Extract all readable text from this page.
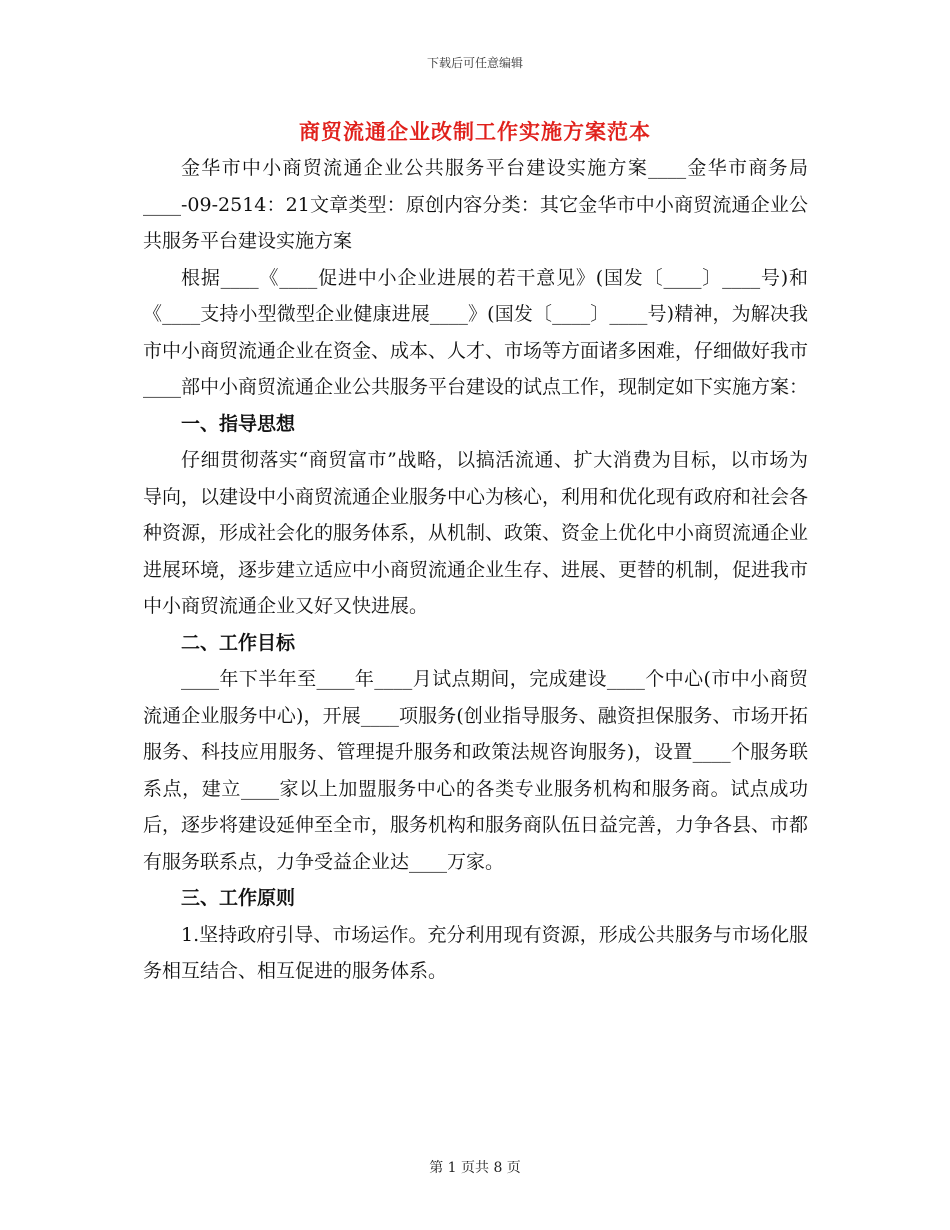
下载后可任意编辑
商贸流通企业改制工作实施方案范本

金华市中小商贸流通企业公共服务平台建设实施方案____金华市商务局____-09-2514：21文章类型：原创内容分类：其它金华市中小商贸流通企业公共服务平台建设实施方案

根据____《____促进中小企业进展的若干意见》(国发〔____〕____号)和《____支持小型微型企业健康进展____》(国发〔____〕____号)精神，为解决我市中小商贸流通企业在资金、成本、人才、市场等方面诸多困难，仔细做好我市____部中小商贸流通企业公共服务平台建设的试点工作，现制定如下实施方案：

一、指导思想

仔细贯彻落实“商贸富市”战略，以搞活流通、扩大消费为目标，以市场为导向，以建设中小商贸流通企业服务中心为核心，利用和优化现有政府和社会各种资源，形成社会化的服务体系，从机制、政策、资金上优化中小商贸流通企业进展环境，逐步建立适应中小商贸流通企业生存、进展、更替的机制，促进我市中小商贸流通企业又好又快进展。

二、工作目标

____年下半年至____年____月试点期间，完成建设____个中心(市中小商贸流通企业服务中心)，开展____项服务(创业指导服务、融资担保服务、市场开拓服务、科技应用服务、管理提升服务和政策法规咨询服务)，设置____个服务联系点，建立____家以上加盟服务中心的各类专业服务机构和服务商。试点成功后，逐步将建设延伸至全市，服务机构和服务商队伍日益完善，力争各县、市都有服务联系点，力争受益企业达____万家。

三、工作原则

1.坚持政府引导、市场运作。充分利用现有资源，形成公共服务与市场化服务相互结合、相互促进的服务体系。

第 1 页共 8 页
